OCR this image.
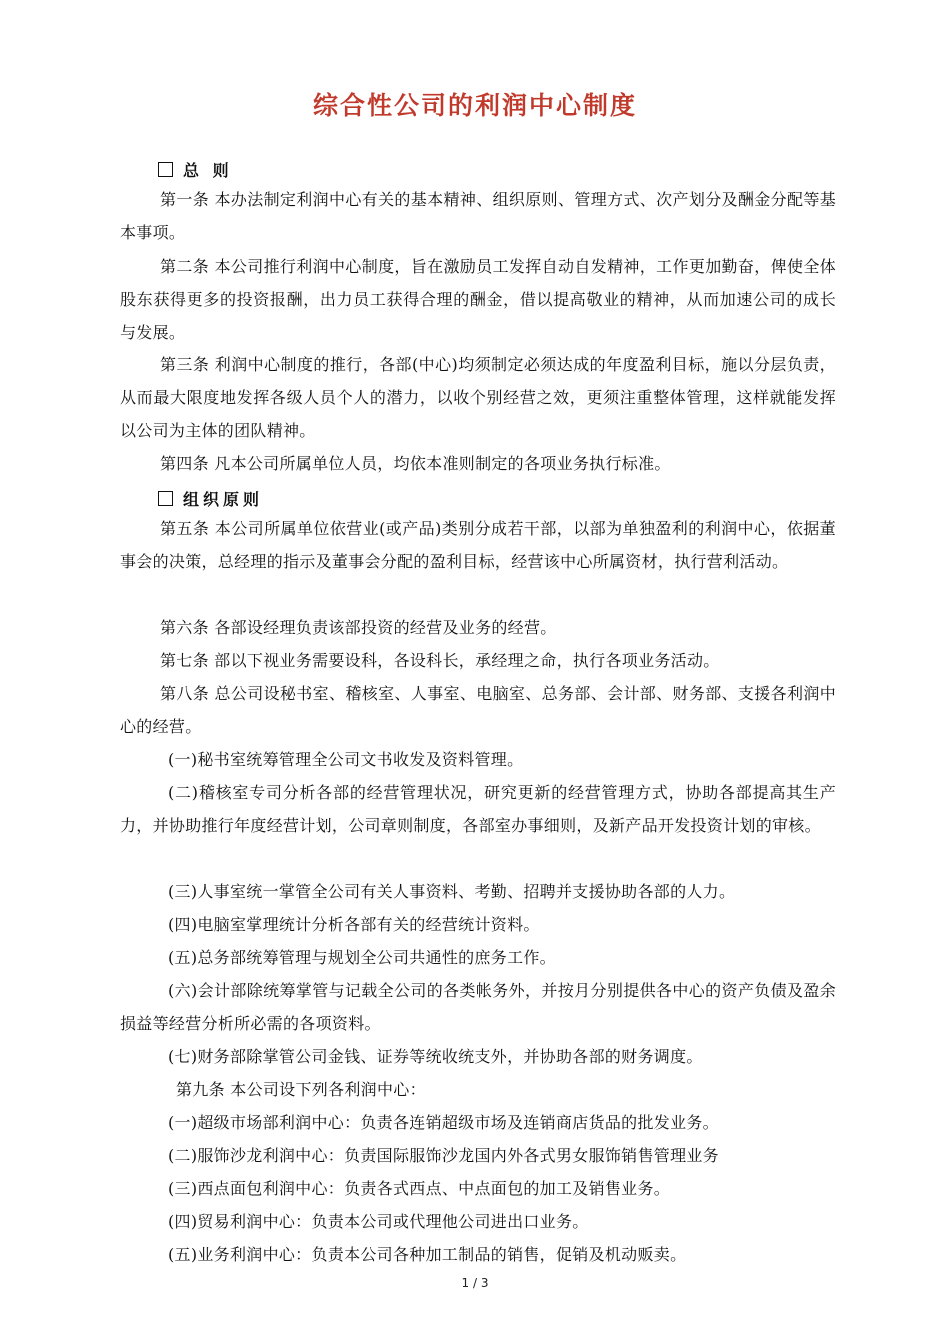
综合性公司的利润中心制度
总 则
第一条 本办法制定利润中心有关的基本精神、组织原则、管理方式、次产划分及酬金分配等基本事项。
第二条 本公司推行利润中心制度，旨在激励员工发挥自动自发精神，工作更加勤奋，俾使全体股东获得更多的投资报酬，出力员工获得合理的酬金，借以提高敬业的精神，从而加速公司的成长与发展。
第三条 利润中心制度的推行，各部(中心)均须制定必须达成的年度盈利目标，施以分层负责，从而最大限度地发挥各级人员个人的潜力，以收个别经营之效，更须注重整体管理，这样就能发挥以公司为主体的团队精神。
第四条 凡本公司所属单位人员，均依本准则制定的各项业务执行标准。
组织原则
第五条 本公司所属单位依营业(或产品)类别分成若干部，以部为单独盈利的利润中心，依据董事会的决策，总经理的指示及董事会分配的盈利目标，经营该中心所属资材，执行营利活动。
第六条 各部设经理负责该部投资的经营及业务的经营。
第七条 部以下视业务需要设科，各设科长，承经理之命，执行各项业务活动。
第八条 总公司设秘书室、稽核室、人事室、电脑室、总务部、会计部、财务部、支援各利润中心的经营。
(一)秘书室统筹管理全公司文书收发及资料管理。
(二)稽核室专司分析各部的经营管理状况，研究更新的经营管理方式，协助各部提高其生产力，并协助推行年度经营计划，公司章则制度，各部室办事细则，及新产品开发投资计划的审核。
(三)人事室统一掌管全公司有关人事资料、考勤、招聘并支援协助各部的人力。
(四)电脑室掌理统计分析各部有关的经营统计资料。
(五)总务部统筹管理与规划全公司共通性的庶务工作。
(六)会计部除统筹掌管与记载全公司的各类帐务外，并按月分别提供各中心的资产负债及盈余损益等经营分析所必需的各项资料。
(七)财务部除掌管公司金钱、证券等统收统支外，并协助各部的财务调度。
第九条 本公司设下列各利润中心：
(一)超级市场部利润中心：负责各连销超级市场及连销商店货品的批发业务。
(二)服饰沙龙利润中心：负责国际服饰沙龙国内外各式男女服饰销售管理业务
(三)西点面包利润中心：负责各式西点、中点面包的加工及销售业务。
(四)贸易利润中心：负责本公司或代理他公司进出口业务。
(五)业务利润中心：负责本公司各种加工制品的销售，促销及机动贩卖。
1 / 3
